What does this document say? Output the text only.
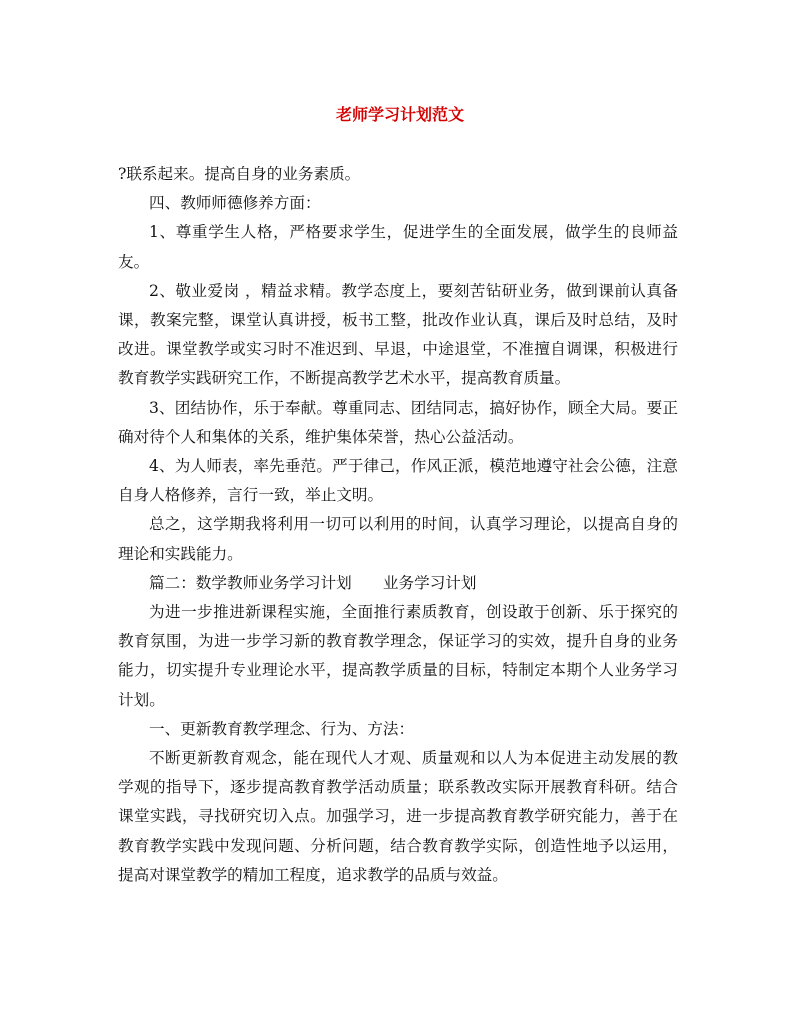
老师学习计划范文

?联系起来。提高自身的业务素质。

四、教师师德修养方面：

1、尊重学生人格，严格要求学生，促进学生的全面发展，做学生的良师益友。

2、敬业爱岗 ，精益求精。教学态度上，要刻苦钻研业务，做到课前认真备课，教案完整，课堂认真讲授，板书工整，批改作业认真，课后及时总结，及时改进。课堂教学或实习时不准迟到、早退，中途退堂，不准擅自调课，积极进行教育教学实践研究工作，不断提高教学艺术水平，提高教育质量。

3、团结协作，乐于奉献。尊重同志、团结同志，搞好协作，顾全大局。要正确对待个人和集体的关系，维护集体荣誉，热心公益活动。

4、为人师表，率先垂范。严于律己，作风正派，模范地遵守社会公德，注意自身人格修养，言行一致，举止文明。

总之，这学期我将利用一切可以利用的时间，认真学习理论，以提高自身的理论和实践能力。

篇二：数学教师业务学习计划　　业务学习计划

为进一步推进新课程实施，全面推行素质教育，创设敢于创新、乐于探究的教育氛围，为进一步学习新的教育教学理念，保证学习的实效，提升自身的业务能力，切实提升专业理论水平，提高教学质量的目标，特制定本期个人业务学习计划。

一、更新教育教学理念、行为、方法：

不断更新教育观念，能在现代人才观、质量观和以人为本促进主动发展的教学观的指导下，逐步提高教育教学活动质量；联系教改实际开展教育科研。结合课堂实践，寻找研究切入点。加强学习，进一步提高教育教学研究能力，善于在教育教学实践中发现问题、分析问题，结合教育教学实际，创造性地予以运用，提高对课堂教学的精加工程度，追求教学的品质与效益。
